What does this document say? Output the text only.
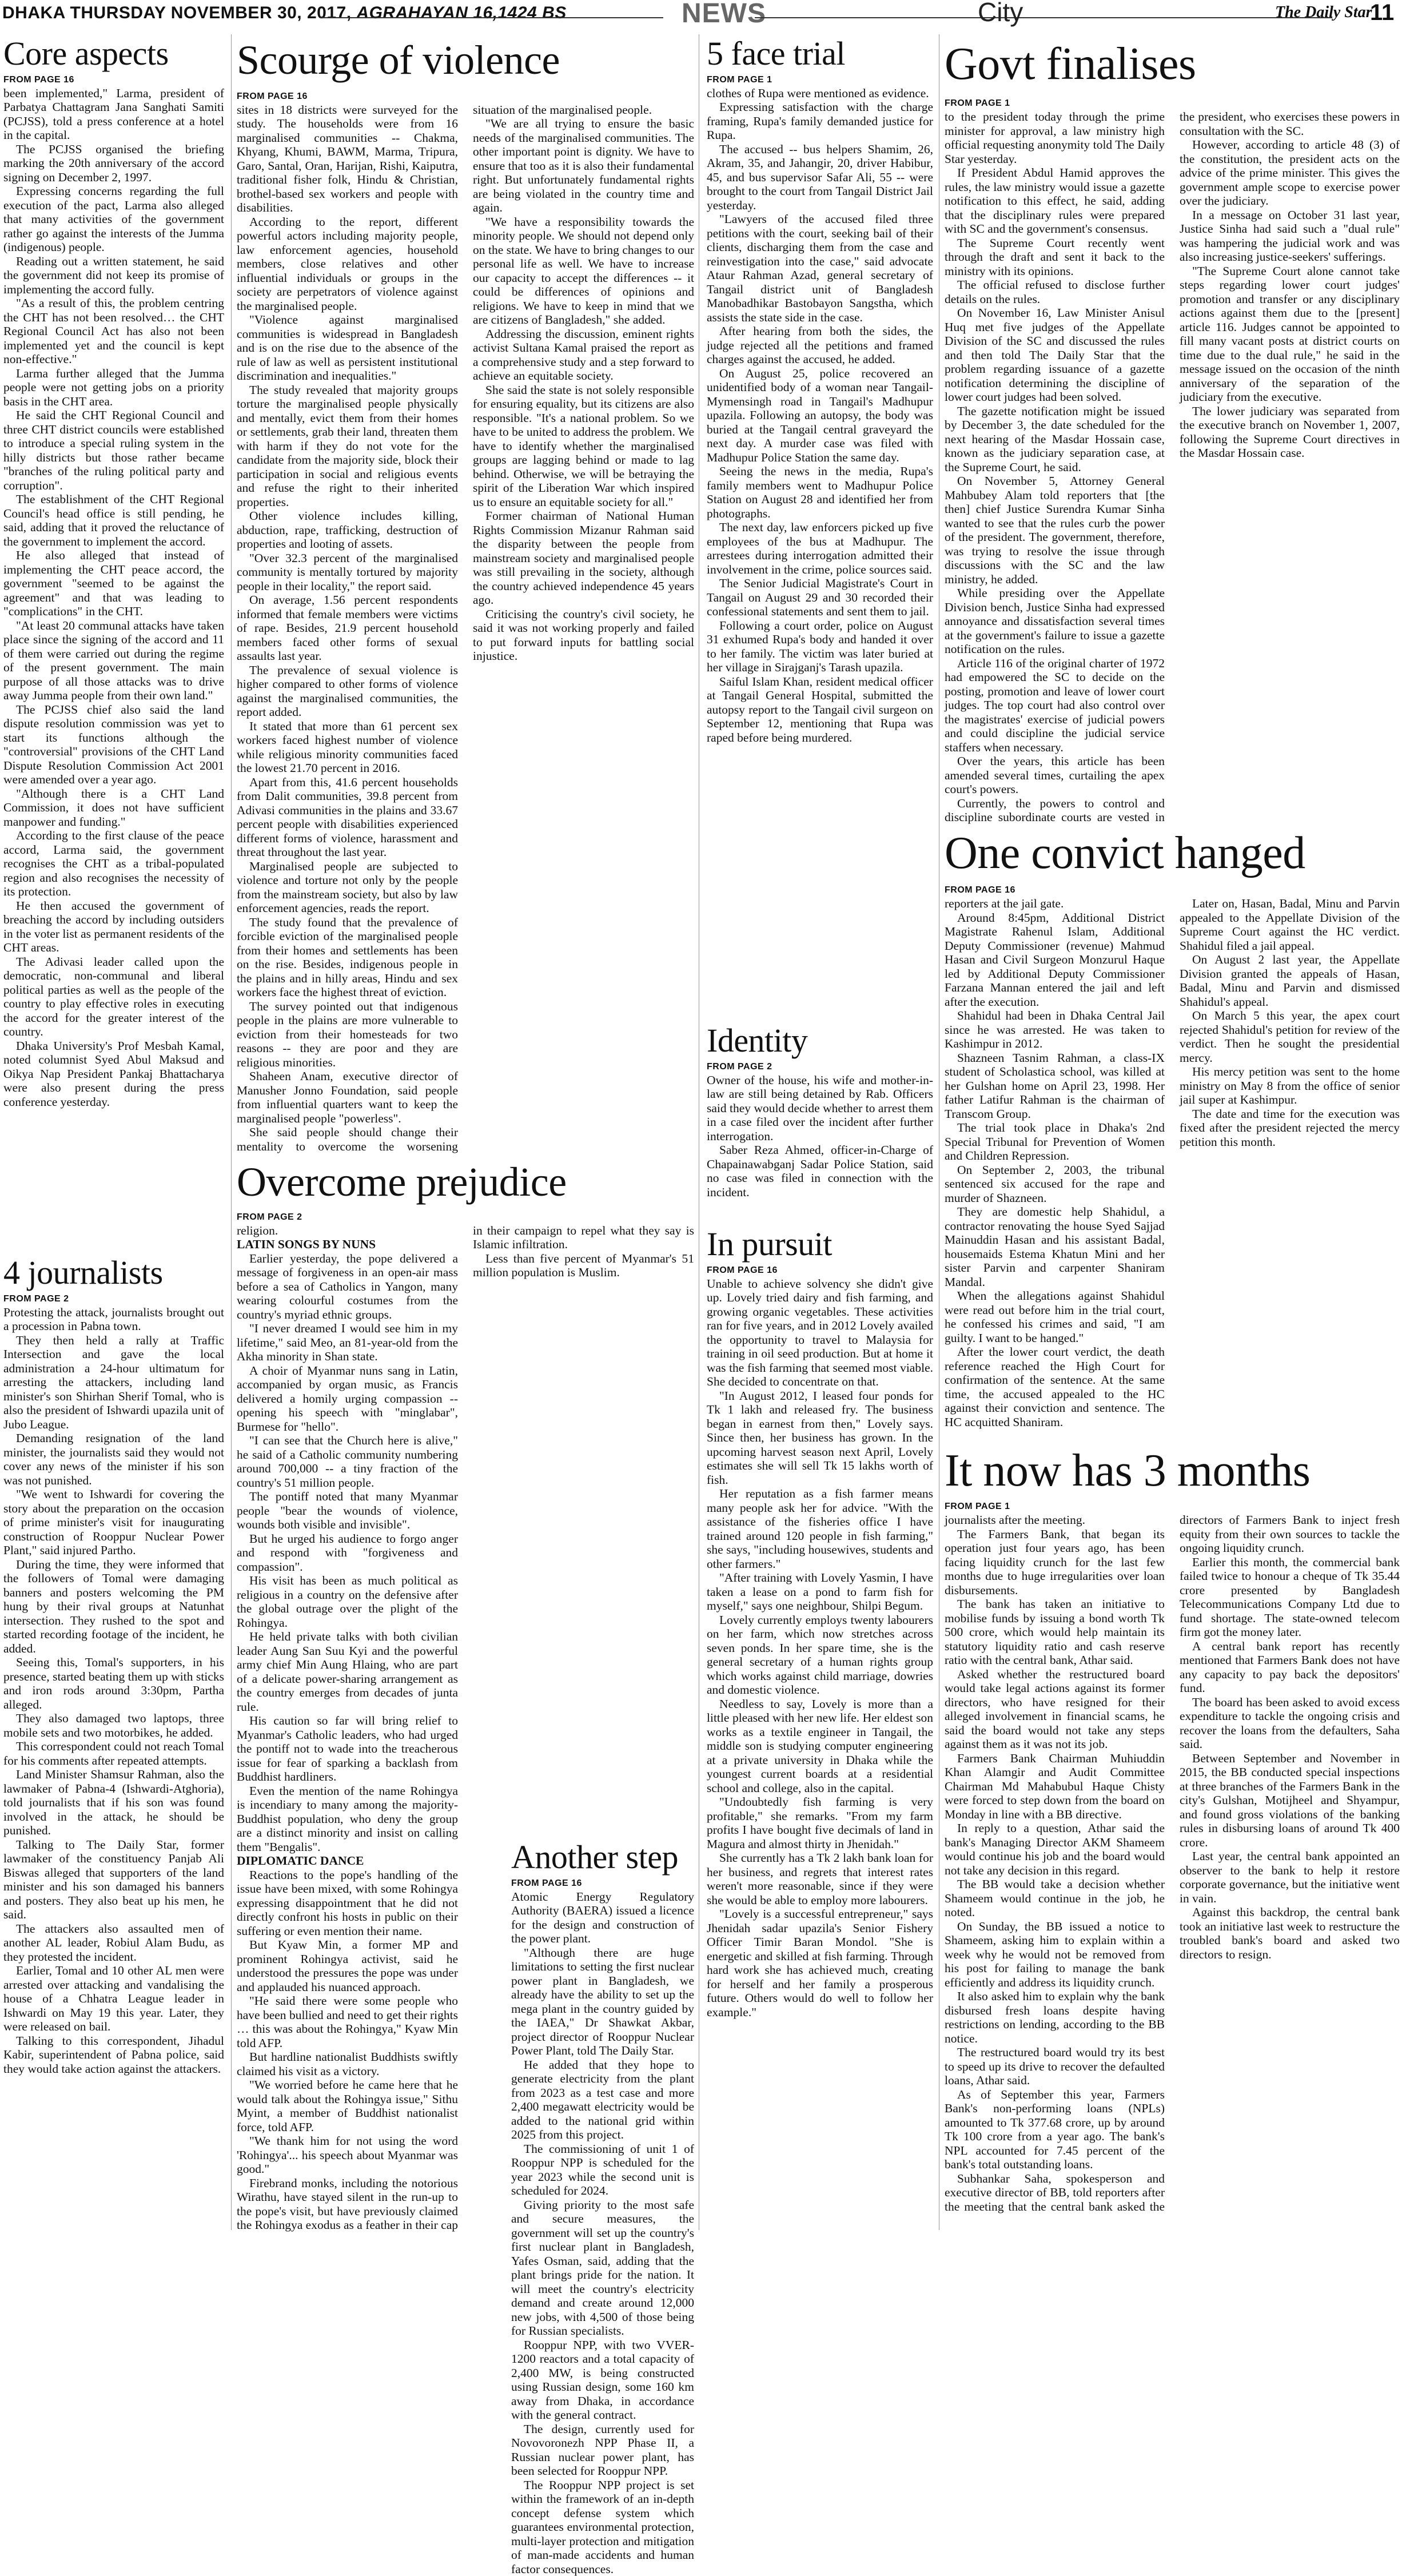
DHAKA THURSDAY NOVEMBER 30, 2017, AGRAHAYAN 16,1424 BS	NEWS	City	The Daily Star
11
Core aspects
FROM PAGE 16

been implemented," Larma, president of Parbatya Chattagram Jana Sanghati Samiti (PCJSS), told a press conference at a hotel in the capital.

The PCJSS organised the briefing marking the 20th anniversary of the accord signing on December 2, 1997.

Expressing concerns regarding the full execution of the pact, Larma also alleged that many activities of the government rather go against the interests of the Jumma (indigenous) people.

Reading out a written statement, he said the government did not keep its promise of implementing the accord fully.

"As a result of this, the problem centring the CHT has not been resolved… the CHT Regional Council Act has also not been implemented yet and the council is kept non-effective."

Larma further alleged that the Jumma people were not getting jobs on a priority basis in the CHT area.

He said the CHT Regional Council and three CHT district councils were established to introduce a special ruling system in the hilly districts but those rather became "branches of the ruling political party and corruption".

The establishment of the CHT Regional Council's head office is still pending, he said, adding that it proved the reluctance of the government to implement the accord.

He also alleged that instead of implementing the CHT peace accord, the government "seemed to be against the agreement" and that was leading to "complications" in the CHT.

"At least 20 communal attacks have taken place since the signing of the accord and 11 of them were carried out during the regime of the present government. The main purpose of all those attacks was to drive away Jumma people from their own land."

The PCJSS chief also said the land dispute resolution commission was yet to start its functions although the "controversial" provisions of the CHT Land Dispute Resolution Commission Act 2001 were amended over a year ago.

"Although there is a CHT Land Commission, it does not have sufficient manpower and funding."

According to the first clause of the peace accord, Larma said, the government recognises the CHT as a tribal-populated region and also recognises the necessity of its protection.

He then accused the government of breaching the accord by including outsiders in the voter list as permanent residents of the CHT areas.

The Adivasi leader called upon the democratic, non-communal and liberal political parties as well as the people of the country to play effective roles in executing the accord for the greater interest of the country.

Dhaka University's Prof Mesbah Kamal, noted columnist Syed Abul Maksud and Oikya Nap President Pankaj Bhattacharya were also present during the press conference yesterday.

4 journalists
FROM PAGE 2

Protesting the attack, journalists brought out a procession in Pabna town.

They then held a rally at Traffic Intersection and gave the local administration a 24-hour ultimatum for arresting the attackers, including land minister's son Shirhan Sherif Tomal, who is also the president of Ishwardi upazila unit of Jubo League.

Demanding resignation of the land minister, the journalists said they would not cover any news of the minister if his son was not punished.

"We went to Ishwardi for covering the story about the preparation on the occasion of prime minister's visit for inaugurating construction of Rooppur Nuclear Power Plant," said injured Partho.

During the time, they were informed that the followers of Tomal were damaging banners and posters welcoming the PM hung by their rival groups at Natunhat intersection. They rushed to the spot and started recording footage of the incident, he added.

Seeing this, Tomal's supporters, in his presence, started beating them up with sticks and iron rods around 3:30pm, Partha alleged.

They also damaged two laptops, three mobile sets and two motorbikes, he added.

This correspondent could not reach Tomal for his comments after repeated attempts.

Land Minister Shamsur Rahman, also the lawmaker of Pabna-4 (Ishwardi-Atghoria), told journalists that if his son was found involved in the attack, he should be punished.

Talking to The Daily Star, former lawmaker of the constituency Panjab Ali Biswas alleged that supporters of the land minister and his son damaged his banners and posters. They also beat up his men, he said.

The attackers also assaulted men of another AL leader, Robiul Alam Budu, as they protested the incident.

Earlier, Tomal and 10 other AL men were arrested over attacking and vandalising the house of a Chhatra League leader in Ishwardi on May 19 this year. Later, they were released on bail.

Talking to this correspondent, Jihadul Kabir, superintendent of Pabna police, said they would take action against the attackers.

Scourge of violence
FROM PAGE 16

sites in 18 districts were surveyed for the study. The households were from 16 marginalised communities -- Chakma, Khyang, Khumi, BAWM, Marma, Tripura, Garo, Santal, Oran, Harijan, Rishi, Kaiputra, traditional fisher folk, Hindu & Christian, brothel-based sex workers and people with disabilities.

According to the report, different powerful actors including majority people, law enforcement agencies, household members, close relatives and other influential individuals or groups in the society are perpetrators of violence against the marginalised people.

"Violence against marginalised communities is widespread in Bangladesh and is on the rise due to the absence of the rule of law as well as persistent institutional discrimination and inequalities."

The study revealed that majority groups torture the marginalised people physically and mentally, evict them from their homes or settlements, grab their land, threaten them with harm if they do not vote for the candidate from the majority side, block their participation in social and religious events and refuse the right to their inherited properties.

Other violence includes killing, abduction, rape, trafficking, destruction of properties and looting of assets.

"Over 32.3 percent of the marginalised community is mentally tortured by majority people in their locality," the report said.

On average, 1.56 percent respondents informed that female members were victims of rape. Besides, 21.9 percent household members faced other forms of sexual assaults last year.

The prevalence of sexual violence is higher compared to other forms of violence against the marginalised communities, the report added.

It stated that more than 61 percent sex workers faced highest number of violence while religious minority communities faced the lowest 21.70 percent in 2016.

Apart from this, 41.6 percent households from Dalit communities, 39.8 percent from Adivasi communities in the plains and 33.67 percent people with disabilities experienced different forms of violence, harassment and threat throughout the last year.

Marginalised people are subjected to violence and torture not only by the people from the mainstream society, but also by law enforcement agencies, reads the report.

The study found that the prevalence of forcible eviction of the marginalised people from their homes and settlements has been on the rise. Besides, indigenous people in the plains and in hilly areas, Hindu and sex workers face the highest threat of eviction.

The survey pointed out that indigenous people in the plains are more vulnerable to eviction from their homesteads for two reasons -- they are poor and they are religious minorities.

Shaheen Anam, executive director of Manusher Jonno Foundation, said people from influential quarters want to keep the marginalised people "powerless".

She said people should change their mentality to overcome the worsening situation of the marginalised people.

"We are all trying to ensure the basic needs of the marginalised communities. The other important point is dignity. We have to ensure that too as it is also their fundamental right. But unfortunately fundamental rights are being violated in the country time and again.

"We have a responsibility towards the minority people. We should not depend only on the state. We have to bring changes to our personal life as well. We have to increase our capacity to accept the differences -- it could be differences of opinions and religions. We have to keep in mind that we are citizens of Bangladesh," she added.

Addressing the discussion, eminent rights activist Sultana Kamal praised the report as a comprehensive study and a step forward to achieve an equitable society.

She said the state is not solely responsible for ensuring equality, but its citizens are also responsible. "It's a national problem. So we have to be united to address the problem. We have to identify whether the marginalised groups are lagging behind or made to lag behind. Otherwise, we will be betraying the spirit of the Liberation War which inspired us to ensure an equitable society for all."

Former chairman of National Human Rights Commission Mizanur Rahman said the disparity between the people from mainstream society and marginalised people was still prevailing in the society, although the country achieved independence 45 years ago.

Criticising the country's civil society, he said it was not working properly and failed to put forward inputs for battling social injustice.

Overcome prejudice
FROM PAGE 2

religion.

LATIN SONGS BY NUNS

Earlier yesterday, the pope delivered a message of forgiveness in an open-air mass before a sea of Catholics in Yangon, many wearing colourful costumes from the country's myriad ethnic groups.

"I never dreamed I would see him in my lifetime," said Meo, an 81-year-old from the Akha minority in Shan state.

A choir of Myanmar nuns sang in Latin, accompanied by organ music, as Francis delivered a homily urging compassion -- opening his speech with "minglabar", Burmese for "hello".

"I can see that the Church here is alive," he said of a Catholic community numbering around 700,000 -- a tiny fraction of the country's 51 million people.

The pontiff noted that many Myanmar people "bear the wounds of violence, wounds both visible and invisible".

But he urged his audience to forgo anger and respond with "forgiveness and compassion".

His visit has been as much political as religious in a country on the defensive after the global outrage over the plight of the Rohingya.

He held private talks with both civilian leader Aung San Suu Kyi and the powerful army chief Min Aung Hlaing, who are part of a delicate power-sharing arrangement as the country emerges from decades of junta rule.

His caution so far will bring relief to Myanmar's Catholic leaders, who had urged the pontiff not to wade into the treacherous issue for fear of sparking a backlash from Buddhist hardliners.

Even the mention of the name Rohingya is incendiary to many among the majority-Buddhist population, who deny the group are a distinct minority and insist on calling them "Bengalis".

DIPLOMATIC DANCE

Reactions to the pope's handling of the issue have been mixed, with some Rohingya expressing disappointment that he did not directly confront his hosts in public on their suffering or even mention their name.

But Kyaw Min, a former MP and prominent Rohingya activist, said he understood the pressures the pope was under and applauded his nuanced approach.

"He said there were some people who have been bullied and need to get their rights … this was about the Rohingya," Kyaw Min told AFP.

But hardline nationalist Buddhists swiftly claimed his visit as a victory.

"We worried before he came here that he would talk about the Rohingya issue," Sithu Myint, a member of Buddhist nationalist force, told AFP.

"We thank him for not using the word 'Rohingya'... his speech about Myanmar was good."

Firebrand monks, including the notorious Wirathu, have stayed silent in the run-up to the pope's visit, but have previously claimed the Rohingya exodus as a feather in their cap in their campaign to repel what they say is Islamic infiltration.

Less than five percent of Myanmar's 51 million population is Muslim.

5 face trial
FROM PAGE 1

clothes of Rupa were mentioned as evidence.

Expressing satisfaction with the charge framing, Rupa's family demanded justice for Rupa.

The accused -- bus helpers Shamim, 26, Akram, 35, and Jahangir, 20, driver Habibur, 45, and bus supervisor Safar Ali, 55 -- were brought to the court from Tangail District Jail yesterday.

"Lawyers of the accused filed three petitions with the court, seeking bail of their clients, discharging them from the case and reinvestigation into the case," said advocate Ataur Rahman Azad, general secretary of Tangail district unit of Bangladesh Manobadhikar Bastobayon Sangstha, which assists the state side in the case.

After hearing from both the sides, the judge rejected all the petitions and framed charges against the accused, he added.

On August 25, police recovered an unidentified body of a woman near Tangail-Mymensingh road in Tangail's Madhupur upazila. Following an autopsy, the body was buried at the Tangail central graveyard the next day. A murder case was filed with Madhupur Police Station the same day.

Seeing the news in the media, Rupa's family members went to Madhupur Police Station on August 28 and identified her from photographs.

The next day, law enforcers picked up five employees of the bus at Madhupur. The arrestees during interrogation admitted their involvement in the crime, police sources said.

The Senior Judicial Magistrate's Court in Tangail on August 29 and 30 recorded their confessional statements and sent them to jail.

Following a court order, police on August 31 exhumed Rupa's body and handed it over to her family. The victim was later buried at her village in Sirajganj's Tarash upazila.

Saiful Islam Khan, resident medical officer at Tangail General Hospital, submitted the autopsy report to the Tangail civil surgeon on September 12, mentioning that Rupa was raped before being murdered.

Identity
FROM PAGE 2

Owner of the house, his wife and mother-in-law are still being detained by Rab. Officers said they would decide whether to arrest them in a case filed over the incident after further interrogation.

Saber Reza Ahmed, officer-in-Charge of Chapainawabganj Sadar Police Station, said no case was filed in connection with the incident.

In pursuit
FROM PAGE 16

Unable to achieve solvency she didn't give up. Lovely tried dairy and fish farming, and growing organic vegetables. These activities ran for five years, and in 2012 Lovely availed the opportunity to travel to Malaysia for training in oil seed production. But at home it was the fish farming that seemed most viable. She decided to concentrate on that.

"In August 2012, I leased four ponds for Tk 1 lakh and released fry. The business began in earnest from then," Lovely says. Since then, her business has grown. In the upcoming harvest season next April, Lovely estimates she will sell Tk 15 lakhs worth of fish.

Her reputation as a fish farmer means many people ask her for advice. "With the assistance of the fisheries office I have trained around 120 people in fish farming," she says, "including housewives, students and other farmers."

"After training with Lovely Yasmin, I have taken a lease on a pond to farm fish for myself," says one neighbour, Shilpi Begum.

Lovely currently employs twenty labourers on her farm, which now stretches across seven ponds. In her spare time, she is the general secretary of a human rights group which works against child marriage, dowries and domestic violence.

Needless to say, Lovely is more than a little pleased with her new life. Her eldest son works as a textile engineer in Tangail, the middle son is studying computer engineering at a private university in Dhaka while the youngest current boards at a residential school and college, also in the capital.

"Undoubtedly fish farming is very profitable," she remarks. "From my farm profits I have bought five decimals of land in Magura and almost thirty in Jhenidah."

She currently has a Tk 2 lakh bank loan for her business, and regrets that interest rates weren't more reasonable, since if they were she would be able to employ more labourers.

"Lovely is a successful entrepreneur," says Jhenidah sadar upazila's Senior Fishery Officer Timir Baran Mondol. "She is energetic and skilled at fish farming. Through hard work she has achieved much, creating for herself and her family a prosperous future. Others would do well to follow her example."

Another step
FROM PAGE 16

Atomic Energy Regulatory Authority (BAERA) issued a licence for the design and construction of the power plant.

"Although there are huge limitations to setting the first nuclear power plant in Bangladesh, we already have the ability to set up the mega plant in the country guided by the IAEA," Dr Shawkat Akbar, project director of Rooppur Nuclear Power Plant, told The Daily Star.

He added that they hope to generate electricity from the plant from 2023 as a test case and more 2,400 megawatt electricity would be added to the national grid within 2025 from this project.

The commissioning of unit 1 of Rooppur NPP is scheduled for the year 2023 while the second unit is scheduled for 2024.

Giving priority to the most safe and secure measures, the government will set up the country's first nuclear plant in Bangladesh, Yafes Osman, said, adding that the plant brings pride for the nation. It will meet the country's electricity demand and create around 12,000 new jobs, with 4,500 of those being for Russian specialists.

Rooppur NPP, with two VVER-1200 reactors and a total capacity of 2,400 MW, is being constructed using Russian design, some 160 km away from Dhaka, in accordance with the general contract.

The design, currently used for Novovoronezh NPP Phase II, a Russian nuclear power plant, has been selected for Rooppur NPP.

The Rooppur NPP project is set within the framework of an in-depth concept defense system which guarantees environmental protection, multi-layer protection and mitigation of man-made accidents and human factor consequences.

Govt finalises
FROM PAGE 1

to the president today through the prime minister for approval, a law ministry high official requesting anonymity told The Daily Star yesterday.

If President Abdul Hamid approves the rules, the law ministry would issue a gazette notification to this effect, he said, adding that the disciplinary rules were prepared with SC and the government's consensus.

The Supreme Court recently went through the draft and sent it back to the ministry with its opinions.

The official refused to disclose further details on the rules.

On November 16, Law Minister Anisul Huq met five judges of the Appellate Division of the SC and discussed the rules and then told The Daily Star that the problem regarding issuance of a gazette notification determining the discipline of lower court judges had been solved.

The gazette notification might be issued by December 3, the date scheduled for the next hearing of the Masdar Hossain case, known as the judiciary separation case, at the Supreme Court, he said.

On November 5, Attorney General Mahbubey Alam told reporters that [the then] chief Justice Surendra Kumar Sinha wanted to see that the rules curb the power of the president. The government, therefore, was trying to resolve the issue through discussions with the SC and the law ministry, he added.

While presiding over the Appellate Division bench, Justice Sinha had expressed annoyance and dissatisfaction several times at the government's failure to issue a gazette notification on the rules.

Article 116 of the original charter of 1972 had empowered the SC to decide on the posting, promotion and leave of lower court judges. The top court had also control over the magistrates' exercise of judicial powers and could discipline the judicial service staffers when necessary.

Over the years, this article has been amended several times, curtailing the apex court's powers.

Currently, the powers to control and discipline subordinate courts are vested in the president, who exercises these powers in consultation with the SC.

However, according to article 48 (3) of the constitution, the president acts on the advice of the prime minister. This gives the government ample scope to exercise power over the judiciary.

In a message on October 31 last year, Justice Sinha had said such a "dual rule" was hampering the judicial work and was also increasing justice-seekers' sufferings.

"The Supreme Court alone cannot take steps regarding lower court judges' promotion and transfer or any disciplinary actions against them due to the [present] article 116. Judges cannot be appointed to fill many vacant posts at district courts on time due to the dual rule," he said in the message issued on the occasion of the ninth anniversary of the separation of the judiciary from the executive.

The lower judiciary was separated from the executive branch on November 1, 2007, following the Supreme Court directives in the Masdar Hossain case.

One convict hanged
FROM PAGE 16

reporters at the jail gate.

Around 8:45pm, Additional District Magistrate Rahenul Islam, Additional Deputy Commissioner (revenue) Mahmud Hasan and Civil Surgeon Monzurul Haque led by Additional Deputy Commissioner Farzana Mannan entered the jail and left after the execution.

Shahidul had been in Dhaka Central Jail since he was arrested. He was taken to Kashimpur in 2012.

Shazneen Tasnim Rahman, a class-IX student of Scholastica school, was killed at her Gulshan home on April 23, 1998. Her father Latifur Rahman is the chairman of Transcom Group.

The trial took place in Dhaka's 2nd Special Tribunal for Prevention of Women and Children Repression.

On September 2, 2003, the tribunal sentenced six accused for the rape and murder of Shazneen.

They are domestic help Shahidul, a contractor renovating the house Syed Sajjad Mainuddin Hasan and his assistant Badal, housemaids Estema Khatun Mini and her sister Parvin and carpenter Shaniram Mandal.

When the allegations against Shahidul were read out before him in the trial court, he confessed his crimes and said, "I am guilty. I want to be hanged."

After the lower court verdict, the death reference reached the High Court for confirmation of the sentence. At the same time, the accused appealed to the HC against their conviction and sentence. The HC acquitted Shaniram.

Later on, Hasan, Badal, Minu and Parvin appealed to the Appellate Division of the Supreme Court against the HC verdict. Shahidul filed a jail appeal.

On August 2 last year, the Appellate Division granted the appeals of Hasan, Badal, Minu and Parvin and dismissed Shahidul's appeal.

On March 5 this year, the apex court rejected Shahidul's petition for review of the verdict. Then he sought the presidential mercy.

His mercy petition was sent to the home ministry on May 8 from the office of senior jail super at Kashimpur.

The date and time for the execution was fixed after the president rejected the mercy petition this month.

It now has 3 months
FROM PAGE 1

journalists after the meeting.

The Farmers Bank, that began its operation just four years ago, has been facing liquidity crunch for the last few months due to huge irregularities over loan disbursements.

The bank has taken an initiative to mobilise funds by issuing a bond worth Tk 500 crore, which would help maintain its statutory liquidity ratio and cash reserve ratio with the central bank, Athar said.

Asked whether the restructured board would take legal actions against its former directors, who have resigned for their alleged involvement in financial scams, he said the board would not take any steps against them as it was not its job.

Farmers Bank Chairman Muhiuddin Khan Alamgir and Audit Committee Chairman Md Mahabubul Haque Chisty were forced to step down from the board on Monday in line with a BB directive.

In reply to a question, Athar said the bank's Managing Director AKM Shameem would continue his job and the board would not take any decision in this regard.

The BB would take a decision whether Shameem would continue in the job, he noted.

On Sunday, the BB issued a notice to Shameem, asking him to explain within a week why he would not be removed from his post for failing to manage the bank efficiently and address its liquidity crunch.

It also asked him to explain why the bank disbursed fresh loans despite having restrictions on lending, according to the BB notice.

The restructured board would try its best to speed up its drive to recover the defaulted loans, Athar said.

As of September this year, Farmers Bank's non-performing loans (NPLs) amounted to Tk 377.68 crore, up by around Tk 100 crore from a year ago. The bank's NPL accounted for 7.45 percent of the bank's total outstanding loans.

Subhankar Saha, spokesperson and executive director of BB, told reporters after the meeting that the central bank asked the directors of Farmers Bank to inject fresh equity from their own sources to tackle the ongoing liquidity crunch.

Earlier this month, the commercial bank failed twice to honour a cheque of Tk 35.44 crore presented by Bangladesh Telecommunications Company Ltd due to fund shortage. The state-owned telecom firm got the money later.

A central bank report has recently mentioned that Farmers Bank does not have any capacity to pay back the depositors' fund.

The board has been asked to avoid excess expenditure to tackle the ongoing crisis and recover the loans from the defaulters, Saha said.

Between September and November in 2015, the BB conducted special inspections at three branches of the Farmers Bank in the city's Gulshan, Motijheel and Shyampur, and found gross violations of the banking rules in disbursing loans of around Tk 400 crore.

Last year, the central bank appointed an observer to the bank to help it restore corporate governance, but the initiative went in vain.

Against this backdrop, the central bank took an initiative last week to restructure the troubled bank's board and asked two directors to resign.
